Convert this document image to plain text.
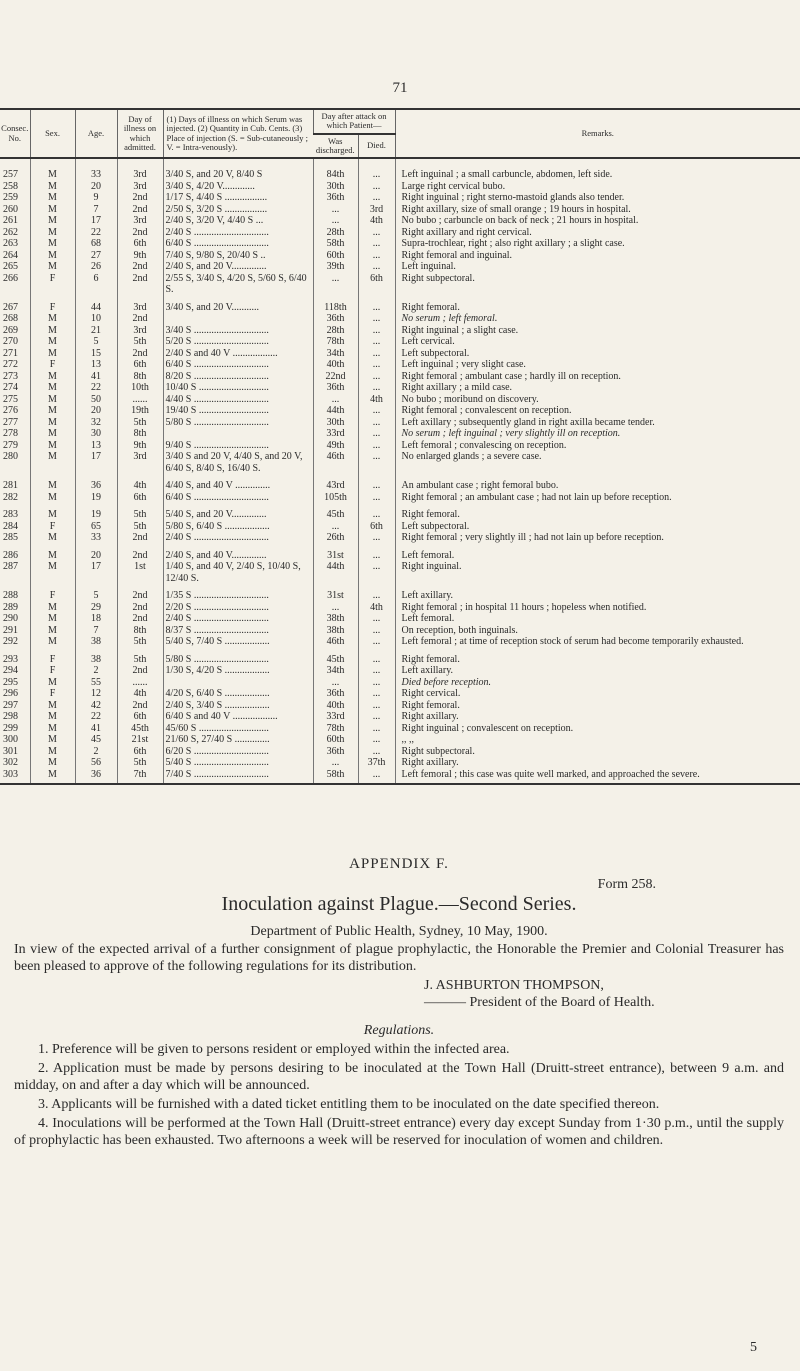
71
Consec. No.	Sex.	Age.	Day of illness on which admitted.	(1) Days of illness on which Serum was injected. (2) Quantity in Cub. Cents. (3) Place of injection (S. = Sub-cutaneously ; V. = Intra-venously).	Day after attack on which Patient—		Remarks.
					Was discharged.	Died.	
257	M	33	3rd	3/40 S, and 20 V, 8/40 S	84th	...	Left inguinal ; a small carbuncle, abdomen, left side.
258	M	20	3rd	3/40 S, 4/20 V.............	30th	...	Large right cervical bubo.
259	M	9	2nd	1/17 S, 4/40 S .................	36th	...	Right inguinal ; right sterno-mastoid glands also tender.
260	M	7	2nd	2/50 S, 3/20 S .................	...	3rd	Right axillary, size of small orange ; 19 hours in hospital.
261	M	17	3rd	2/40 S, 3/20 V, 4/40 S ...	...	4th	No bubo ; carbuncle on back of neck ; 21 hours in hospital.
262	M	22	2nd	2/40 S ..............................	28th	...	Right axillary and right cervical.
263	M	68	6th	6/40 S ..............................	58th	...	Supra-trochlear, right ; also right axillary ; a slight case.
264	M	27	9th	7/40 S, 9/80 S, 20/40 S ..	60th	...	Right femoral and inguinal.
265	M	26	2nd	2/40 S, and 20 V..............	39th	...	Left inguinal.
266	F	6	2nd	2/55 S, 3/40 S, 4/20 S, 5/60 S, 6/40 S.	...	6th	Right subpectoral.
267	F	44	3rd	3/40 S, and 20 V...........	118th	...	Right femoral.
268	M	10	2nd		36th	...	No serum ; left femoral.
269	M	21	3rd	3/40 S ..............................	28th	...	Right inguinal ; a slight case.
270	M	5	5th	5/20 S ..............................	78th	...	Left cervical.
271	M	15	2nd	2/40 S and 40 V ..................	34th	...	Left subpectoral.
272	F	13	6th	6/40 S ..............................	40th	...	Left inguinal ; very slight case.
273	M	41	8th	8/20 S ..............................	22nd	...	Right femoral ; ambulant case ; hardly ill on reception.
274	M	22	10th	10/40 S ............................	36th	...	Right axillary ; a mild case.
275	M	50	......	4/40 S ..............................	...	4th	No bubo ; moribund on discovery.
276	M	20	19th	19/40 S ............................	44th	...	Right femoral ; convalescent on reception.
277	M	32	5th	5/80 S ..............................	30th	...	Left axillary ; subsequently gland in right axilla became tender.
278	M	30	8th		33rd	...	No serum ; left inguinal ; very slightly ill on reception.
279	M	13	9th	9/40 S ..............................	49th	...	Left femoral ; convalescing on reception.
280	M	17	3rd	3/40 S and 20 V, 4/40 S, and 20 V, 6/40 S, 8/40 S, 16/40 S.	46th	...	No enlarged glands ; a severe case.
281	M	36	4th	4/40 S, and 40 V ..............	43rd	...	An ambulant case ; right femoral bubo.
282	M	19	6th	6/40 S ..............................	105th	...	Right femoral ; an ambulant case ; had not lain up before reception.
283	M	19	5th	5/40 S, and 20 V..............	45th	...	Right femoral.
284	F	65	5th	5/80 S, 6/40 S ..................	...	6th	Left subpectoral.
285	M	33	2nd	2/40 S ..............................	26th	...	Right femoral ; very slightly ill ; had not lain up before reception.
286	M	20	2nd	2/40 S, and 40 V..............	31st	...	Left femoral.
287	M	17	1st	1/40 S, and 40 V, 2/40 S, 10/40 S, 12/40 S.	44th	...	Right inguinal.
288	F	5	2nd	1/35 S ..............................	31st	...	Left axillary.
289	M	29	2nd	2/20 S ..............................	...	4th	Right femoral ; in hospital 11 hours ; hopeless when notified.
290	M	18	2nd	2/40 S ..............................	38th	...	Left femoral.
291	M	7	8th	8/37 S ..............................	38th	...	On reception, both inguinals.
292	M	38	5th	5/40 S, 7/40 S ..................	46th	...	Left femoral ; at time of reception stock of serum had become temporarily exhausted.
293	F	38	5th	5/80 S ..............................	45th	...	Right femoral.
294	F	2	2nd	1/30 S, 4/20 S ..................	34th	...	Left axillary.
295	M	55	......		...	...	Died before reception.
296	F	12	4th	4/20 S, 6/40 S ..................	36th	...	Right cervical.
297	M	42	2nd	2/40 S, 3/40 S ..................	40th	...	Right femoral.
298	M	22	6th	6/40 S and 40 V ..................	33rd	...	Right axillary.
299	M	41	45th	45/60 S ............................	78th	...	Right inguinal ; convalescent on reception.
300	M	45	21st	21/60 S, 27/40 S ..............	60th	...	,, ,,
301	M	2	6th	6/20 S ..............................	36th	...	Right subpectoral.
302	M	56	5th	5/40 S ..............................	...	37th	Right axillary.
303	M	36	7th	7/40 S ..............................	58th	...	Left femoral ; this case was quite well marked, and approached the severe.
APPENDIX F.
Form 258.
Inoculation against Plague.—Second Series.
Department of Public Health, Sydney, 10 May, 1900.
In view of the expected arrival of a further consignment of plague prophylactic, the Honorable the Premier and Colonial Treasurer has been pleased to approve of the following regulations for its distribution.
J. ASHBURTON THOMPSON,
——— President of the Board of Health.
Regulations.
1. Preference will be given to persons resident or employed within the infected area.
2. Application must be made by persons desiring to be inoculated at the Town Hall (Druitt-street entrance), between 9 a.m. and midday, on and after a day which will be announced.
3. Applicants will be furnished with a dated ticket entitling them to be inoculated on the date specified thereon.
4. Inoculations will be performed at the Town Hall (Druitt-street entrance) every day except Sunday from 1·30 p.m., until the supply of prophylactic has been exhausted. Two afternoons a week will be reserved for inoculation of women and children.
5
